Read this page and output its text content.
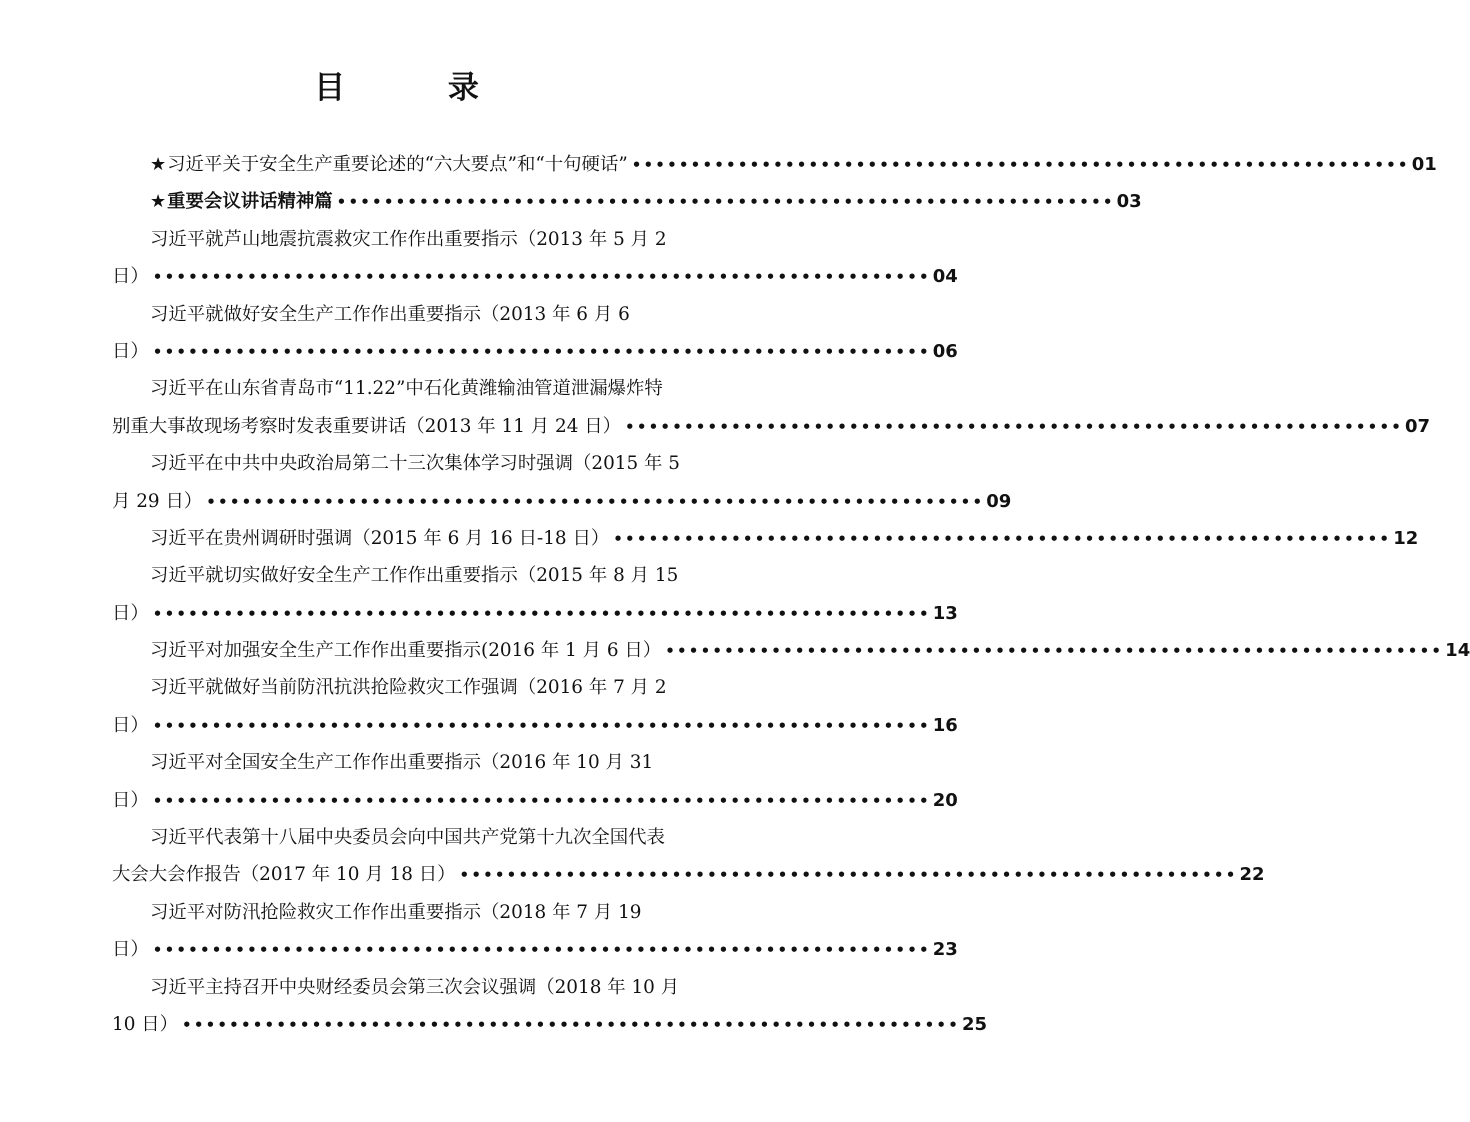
目 录
★ 习近平关于安全生产重要论述的“六大要点”和“十句硬话” •••••••••••••••••••••••••••••••••••••••••••••••••••••••••••••••••• 01
★ 重要会议讲话精神篇 •••••••••••••••••••••••••••••••••••••••••••••••••••••••••••••••••• 03
习近平就芦山地震抗震救灾工作作出重要指示（2013 年 5 月 2
日） •••••••••••••••••••••••••••••••••••••••••••••••••••••••••••••••••• 04
习近平就做好安全生产工作作出重要指示（2013 年 6 月 6
日） •••••••••••••••••••••••••••••••••••••••••••••••••••••••••••••••••• 06
习近平在山东省青岛市“11.22”中石化黄潍输油管道泄漏爆炸特
别重大事故现场考察时发表重要讲话（2013 年 11 月 24 日） •••••••••••••••••••••••••••••••••••••••••••••••••••••••••••••••••• 07
习近平在中共中央政治局第二十三次集体学习时强调（2015 年 5
月 29 日） •••••••••••••••••••••••••••••••••••••••••••••••••••••••••••••••••• 09
习近平在贵州调研时强调（2015 年 6 月 16 日-18 日） •••••••••••••••••••••••••••••••••••••••••••••••••••••••••••••••••• 12
习近平就切实做好安全生产工作作出重要指示（2015 年 8 月 15
日） •••••••••••••••••••••••••••••••••••••••••••••••••••••••••••••••••• 13
习近平对加强安全生产工作作出重要指示(2016 年 1 月 6 日） •••••••••••••••••••••••••••••••••••••••••••••••••••••••••••••••••• 14
习近平就做好当前防汛抗洪抢险救灾工作强调（2016 年 7 月 2
日） •••••••••••••••••••••••••••••••••••••••••••••••••••••••••••••••••• 16
习近平对全国安全生产工作作出重要指示（2016 年 10 月 31
日） •••••••••••••••••••••••••••••••••••••••••••••••••••••••••••••••••• 20
习近平代表第十八届中央委员会向中国共产党第十九次全国代表
大会大会作报告（2017 年 10 月 18 日） •••••••••••••••••••••••••••••••••••••••••••••••••••••••••••••••••• 22
习近平对防汛抢险救灾工作作出重要指示（2018 年 7 月 19
日） •••••••••••••••••••••••••••••••••••••••••••••••••••••••••••••••••• 23
习近平主持召开中央财经委员会第三次会议强调（2018 年 10 月
10 日） •••••••••••••••••••••••••••••••••••••••••••••••••••••••••••••••••• 25
